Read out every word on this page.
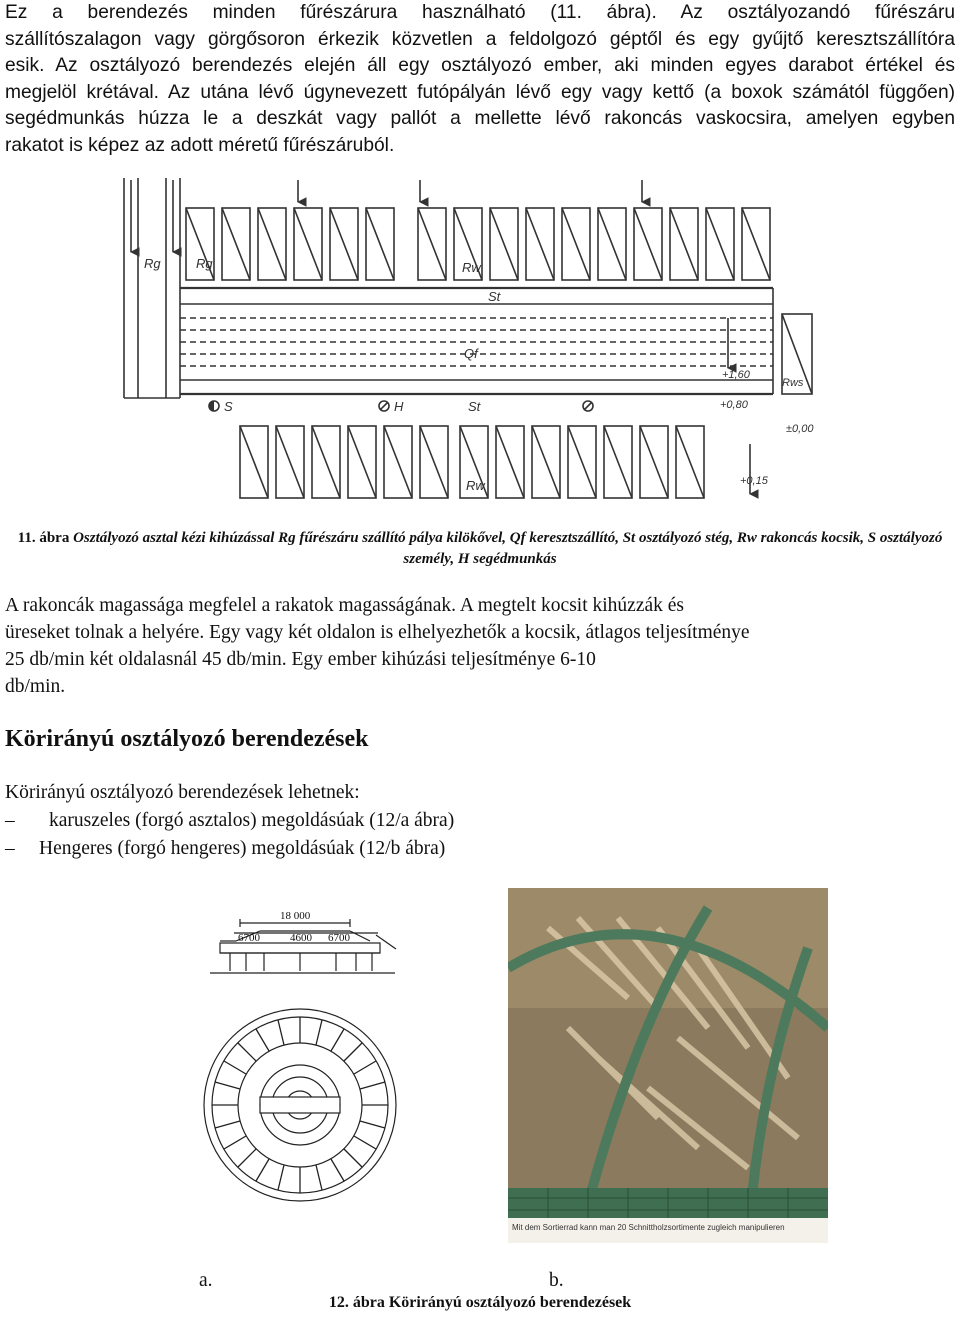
Ez a berendezés minden fűrészárura használható (11. ábra). Az osztályozandó fűrészáru
szállítószalagon vagy görgősoron érkezik közvetlen a feldolgozó géptől és egy gyűjtő keresztszállítóra
esik. Az osztályozó berendezés elején áll egy osztályozó ember, aki minden egyes darabot értékel és
megjelöl krétával. Az utána lévő úgynevezett futópályán lévő egy vagy kettő (a boxok számától függően)
segédmunkás húzza le a deszkát vagy pallót a mellette lévő rakoncás vaskocsira, amelyen egyben
rakatot is képez az adott méretű fűrészáruból.

Rg	Rg	Rw
St
Qf
S	H	St
Rws
Rw
+1,60
+0,80
±0,00
+0,15

11. ábra Osztályozó asztal kézi kihúzással Rg fűrészáru szállító pálya kilökővel, Qf keresztszállító, St osztályozó stég, Rw rakoncás kocsik, S osztályozó személy, H segédmunkás

A rakoncák magassága megfelel a rakatok magasságának. A megtelt kocsit kihúzzák és
üreseket tolnak a helyére. Egy vagy két oldalon is elhelyezhetők a kocsik, átlagos teljesítménye
25 db/min két oldalasnál 45 db/min. Egy ember kihúzási teljesítménye 6-10
db/min.

Körirányú osztályozó berendezések

Körirányú osztályozó berendezések lehetnek:

– karuszeles (forgó asztalos) megoldásúak (12/a ábra)

– Hengeres (forgó hengeres) megoldásúak (12/b ábra)

18 000
6700	4600 6700
Mit dem Sortierrad kann man 20 Schnittholzsortimente zugleich manipulieren
a.	b.
12. ábra Körirányú osztályozó berendezések
